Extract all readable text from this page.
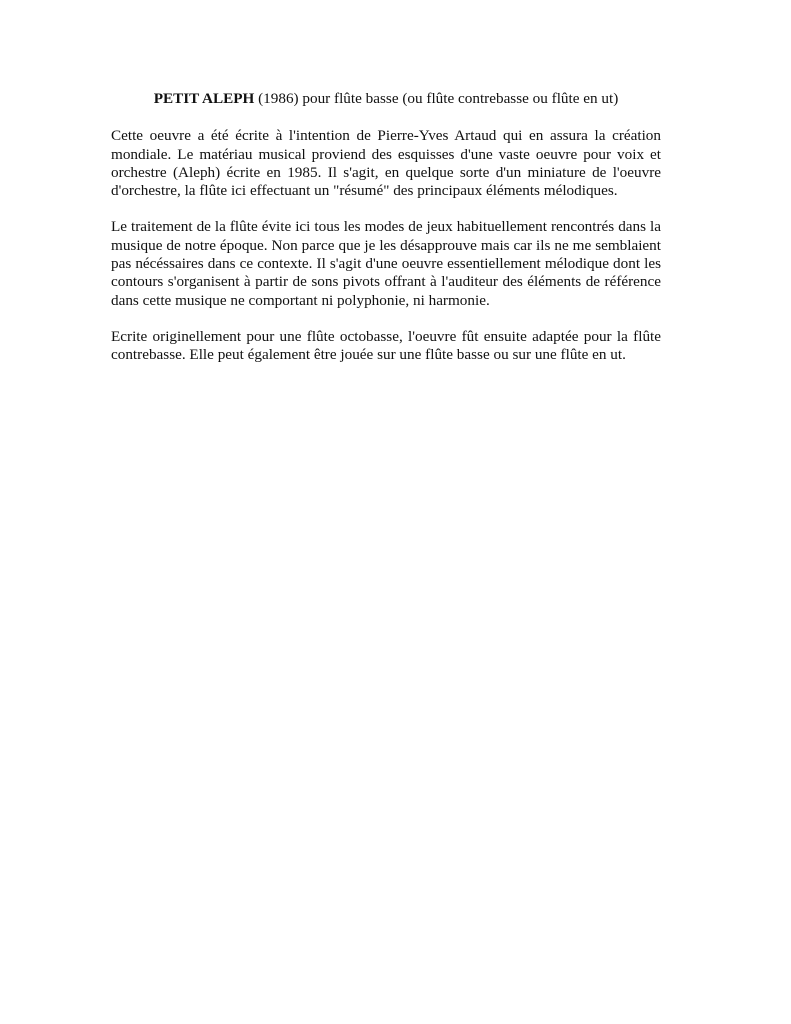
PETIT ALEPH (1986) pour flûte basse (ou flûte contrebasse ou flûte en ut)

Cette oeuvre a été écrite à l'intention de Pierre-Yves Artaud qui en assura la création mondiale. Le matériau musical proviend des esquisses d'une vaste oeuvre pour voix et orchestre (Aleph) écrite en 1985. Il s'agit, en quelque sorte d'un miniature de l'oeuvre d'orchestre, la flûte ici effectuant un "résumé" des principaux éléments mélodiques.

Le traitement de la flûte évite ici tous les modes de jeux habituellement rencontrés dans la musique de notre époque. Non parce que je les désapprouve mais car ils ne me semblaient pas nécéssaires dans ce contexte. Il s'agit d'une oeuvre essentiellement mélodique dont les contours s'organisent à partir de sons pivots offrant à l'auditeur des éléments de référence dans cette musique ne comportant ni polyphonie, ni harmonie.

Ecrite originellement pour une flûte octobasse, l'oeuvre fût ensuite adaptée pour la flûte contrebasse. Elle peut également être jouée sur une flûte basse ou sur une flûte en ut.
